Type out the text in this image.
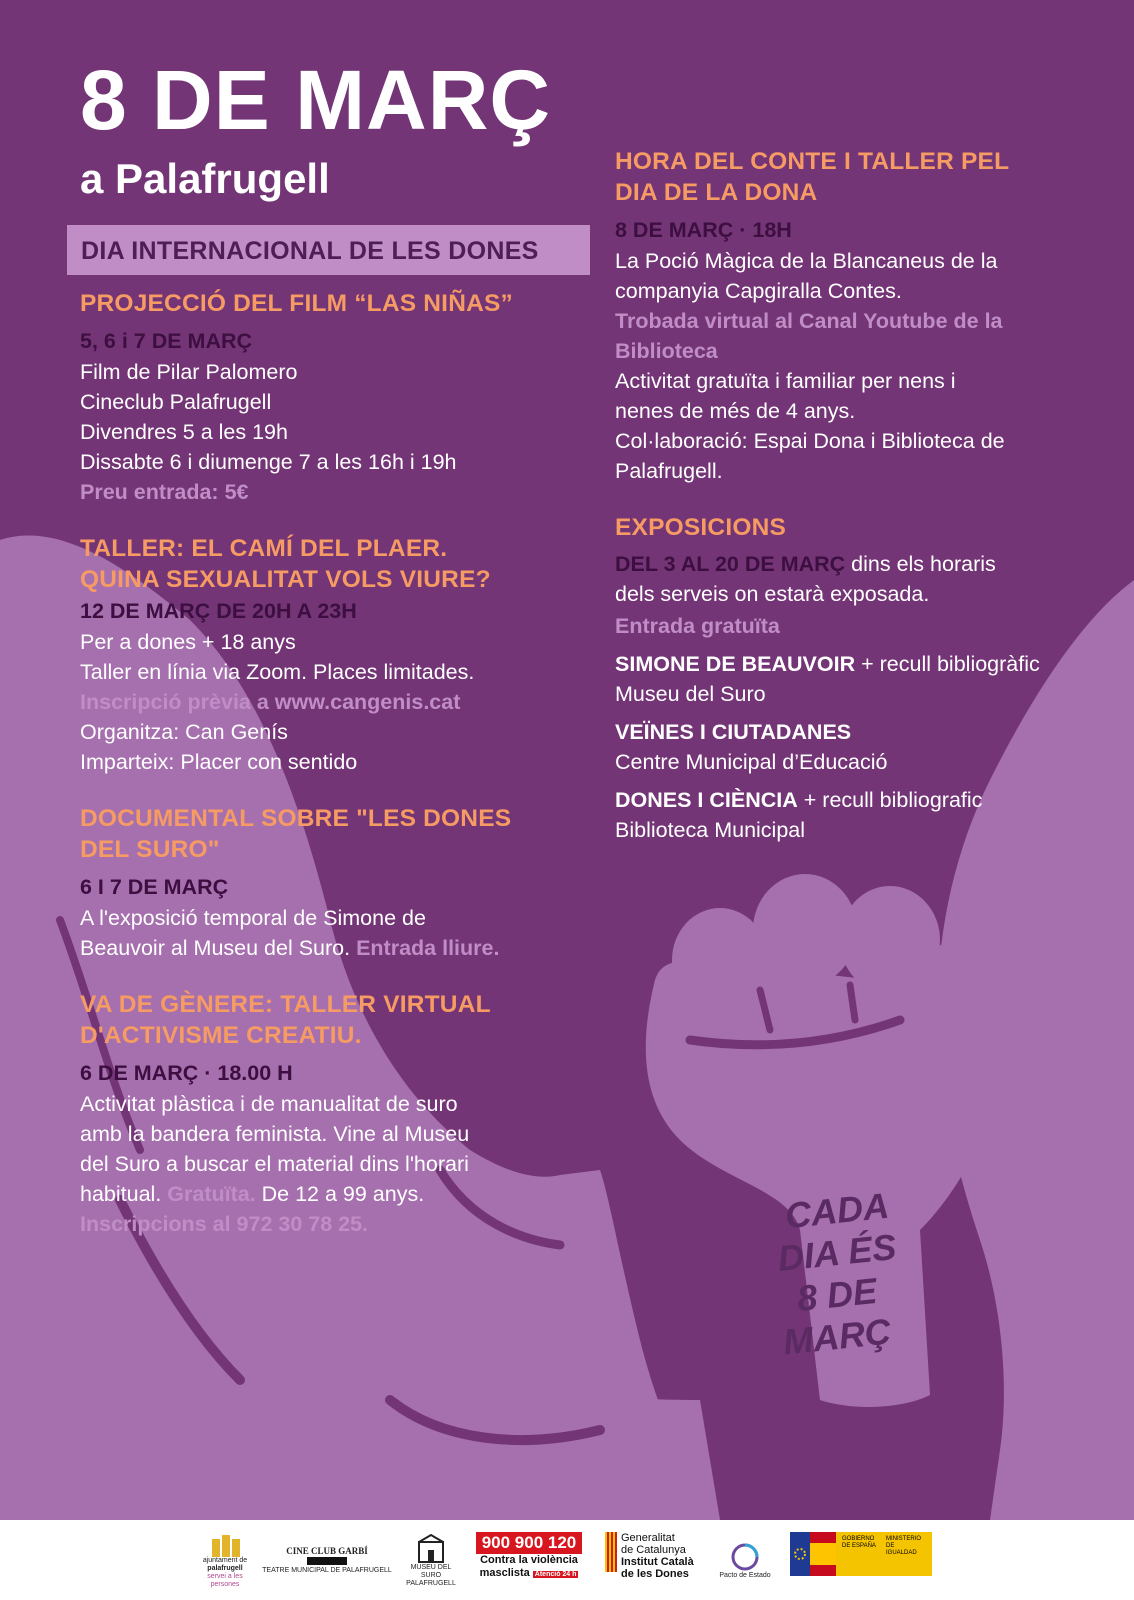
8 DE MARÇ
a Palafrugell
DIA INTERNACIONAL DE LES DONES
PROJECCIÓ DEL FILM “LAS NIÑAS”
5, 6 i 7 DE MARÇ
Film de Pilar Palomero
Cineclub Palafrugell
Divendres 5 a les 19h
Dissabte 6 i diumenge 7 a les 16h i 19h
Preu entrada: 5€
TALLER: EL CAMÍ DEL PLAER.
QUINA SEXUALITAT VOLS VIURE?
12 DE MARÇ DE 20H A 23H
Per a dones + 18 anys
Taller en línia via Zoom. Places limitades.
Inscripció prèvia a www.cangenis.cat
Organitza: Can Genís
Imparteix: Placer con sentido
DOCUMENTAL SOBRE "LES DONES
DEL SURO"
6 I 7 DE MARÇ
A l'exposició temporal de Simone de
Beauvoir al Museu del Suro. Entrada lliure.
VA DE GÈNERE: TALLER VIRTUAL
D'ACTIVISME CREATIU.
6 DE MARÇ · 18.00 H
Activitat plàstica i de manualitat de suro
amb la bandera feminista. Vine al Museu
del Suro a buscar el material dins l'horari
habitual. Gratuïta. De 12 a 99 anys.
Inscripcions al 972 30 78 25.
HORA DEL CONTE I TALLER PEL
DIA DE LA DONA
8 DE MARÇ · 18H
La Poció Màgica de la Blancaneus de la
companyia Capgiralla Contes.
Trobada virtual al Canal Youtube de la
Biblioteca
Activitat gratuïta i familiar per nens i
nenes de més de 4 anys.
Col·laboració: Espai Dona i Biblioteca de
Palafrugell.
EXPOSICIONS
DEL 3 AL 20 DE MARÇ dins els horaris
dels serveis on estarà exposada.
Entrada gratuïta
SIMONE DE BEAUVOIR + recull bibliogràfic
Museu del Suro
VEÏNES I CIUTADANES
Centre Municipal d’Educació
DONES I CIÈNCIA + recull bibliografic
Biblioteca Municipal
CADA
DIA ÉS
8 DE
MARÇ
ajuntament de
palafrugell
servei a les persones
CINE CLUB GARBÍ
TEATRE MUNICIPAL DE PALAFRUGELL	MUSEU DEL SURO
PALAFRUGELL
900 900 120
Contra la violència
masclista Atenció 24 h
Generalitat
de Catalunya
Institut Català
de les Dones	Pacto de Estado
GOBIERNO DE ESPAÑA
MINISTERIO DE IGUALDAD
